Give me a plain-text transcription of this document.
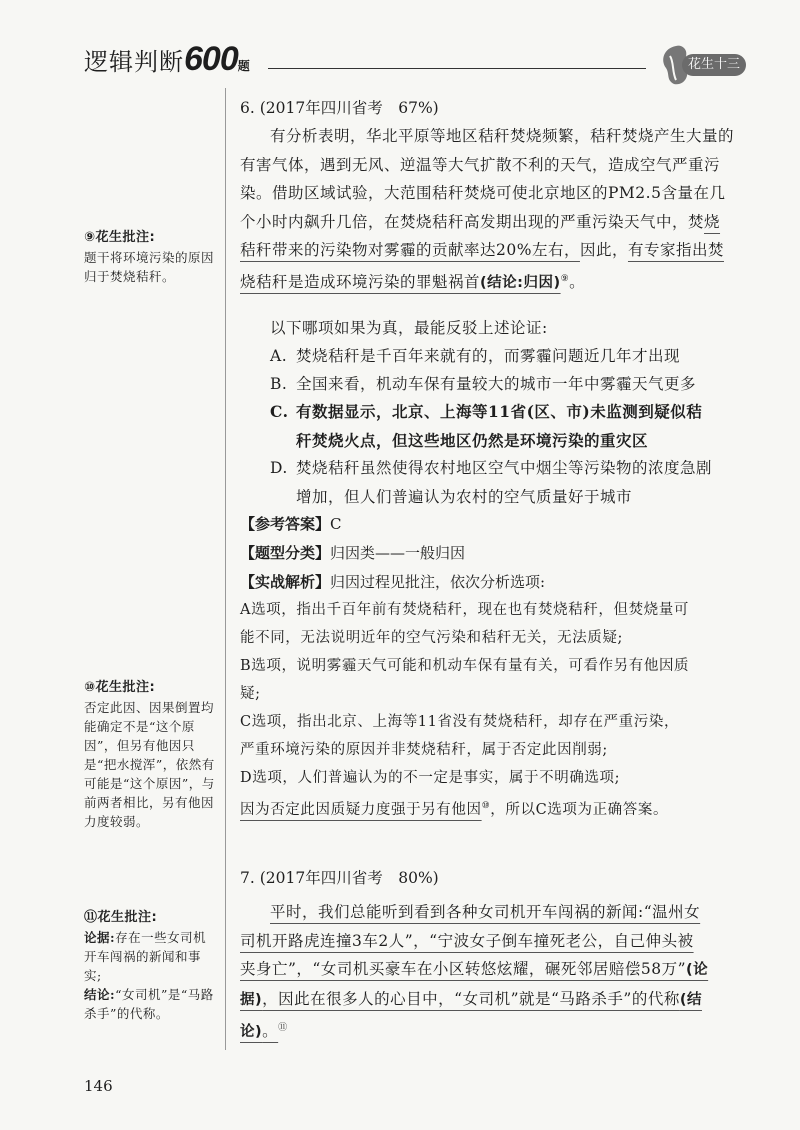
逻辑判断600题	花生十三
⑨花生批注:
题干将环境污染的原因归于焚烧秸秆。
⑩花生批注:
否定此因、因果倒置均能确定不是“这个原因”，但另有他因只是“把水搅浑”，依然有可能是“这个原因”，与前两者相比，另有他因力度较弱。
⑪花生批注:
论据:存在一些女司机开车闯祸的新闻和事实;
结论:“女司机”是“马路杀手”的代称。
6. (2017年四川省考　67%)
有分析表明，华北平原等地区秸秆焚烧频繁，秸秆焚烧产生大量的有害气体，遇到无风、逆温等大气扩散不利的天气，造成空气严重污染。借助区域试验，大范围秸秆焚烧可使北京地区的PM2.5含量在几个小时内飙升几倍，在焚烧秸秆高发期出现的严重污染天气中，焚烧秸秆带来的污染物对雾霾的贡献率达20%左右，因此，有专家指出焚烧秸秆是造成环境污染的罪魁祸首(结论:归因)⑨。
以下哪项如果为真，最能反驳上述论证:
A. 焚烧秸秆是千百年来就有的，而雾霾问题近几年才出现
B. 全国来看，机动车保有量较大的城市一年中雾霾天气更多
C. 有数据显示，北京、上海等11省(区、市)未监测到疑似秸
秆焚烧火点，但这些地区仍然是环境污染的重灾区
D. 焚烧秸秆虽然使得农村地区空气中烟尘等污染物的浓度急剧
增加，但人们普遍认为农村的空气质量好于城市
【参考答案】C
【题型分类】归因类——一般归因
【实战解析】归因过程见批注，依次分析选项:
A选项，指出千百年前有焚烧秸秆，现在也有焚烧秸秆，但焚烧量可
能不同，无法说明近年的空气污染和秸秆无关，无法质疑;
B选项，说明雾霾天气可能和机动车保有量有关，可看作另有他因质
疑;
C选项，指出北京、上海等11省没有焚烧秸秆，却存在严重污染，
严重环境污染的原因并非焚烧秸秆，属于否定此因削弱;
D选项，人们普遍认为的不一定是事实，属于不明确选项;
因为否定此因质疑力度强于另有他因⑩，所以C选项为正确答案。
7. (2017年四川省考　80%)
平时，我们总能听到看到各种女司机开车闯祸的新闻:“温州女
司机开路虎连撞3车2人”，“宁波女子倒车撞死老公，自己伸头被
夹身亡”，“女司机买豪车在小区转悠炫耀，碾死邻居赔偿58万”(论
据)，因此在很多人的心目中，“女司机”就是“马路杀手”的代称(结
论)。⑪
146
